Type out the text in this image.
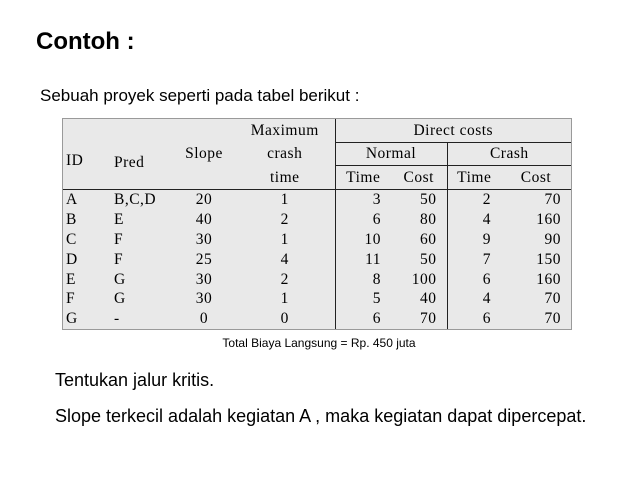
Contoh :
Sebuah proyek seperti pada tabel berikut :
ID	Pred	Slope	Maximum	Direct costs			
			crash	Normal		Crash	
			time	Time	Cost	Time	Cost
A	B,C,D	20	1	3	50	2	70
B	E	40	2	6	80	4	160
C	F	30	1	10	60	9	90
D	F	25	4	11	50	7	150
E	G	30	2	8	100	6	160
F	G	30	1	5	40	4	70
G	-	0	0	6	70	6	70
Total Biaya Langsung = Rp. 450 juta
Tentukan jalur kritis.
Slope terkecil adalah kegiatan A , maka kegiatan dapat dipercepat.
